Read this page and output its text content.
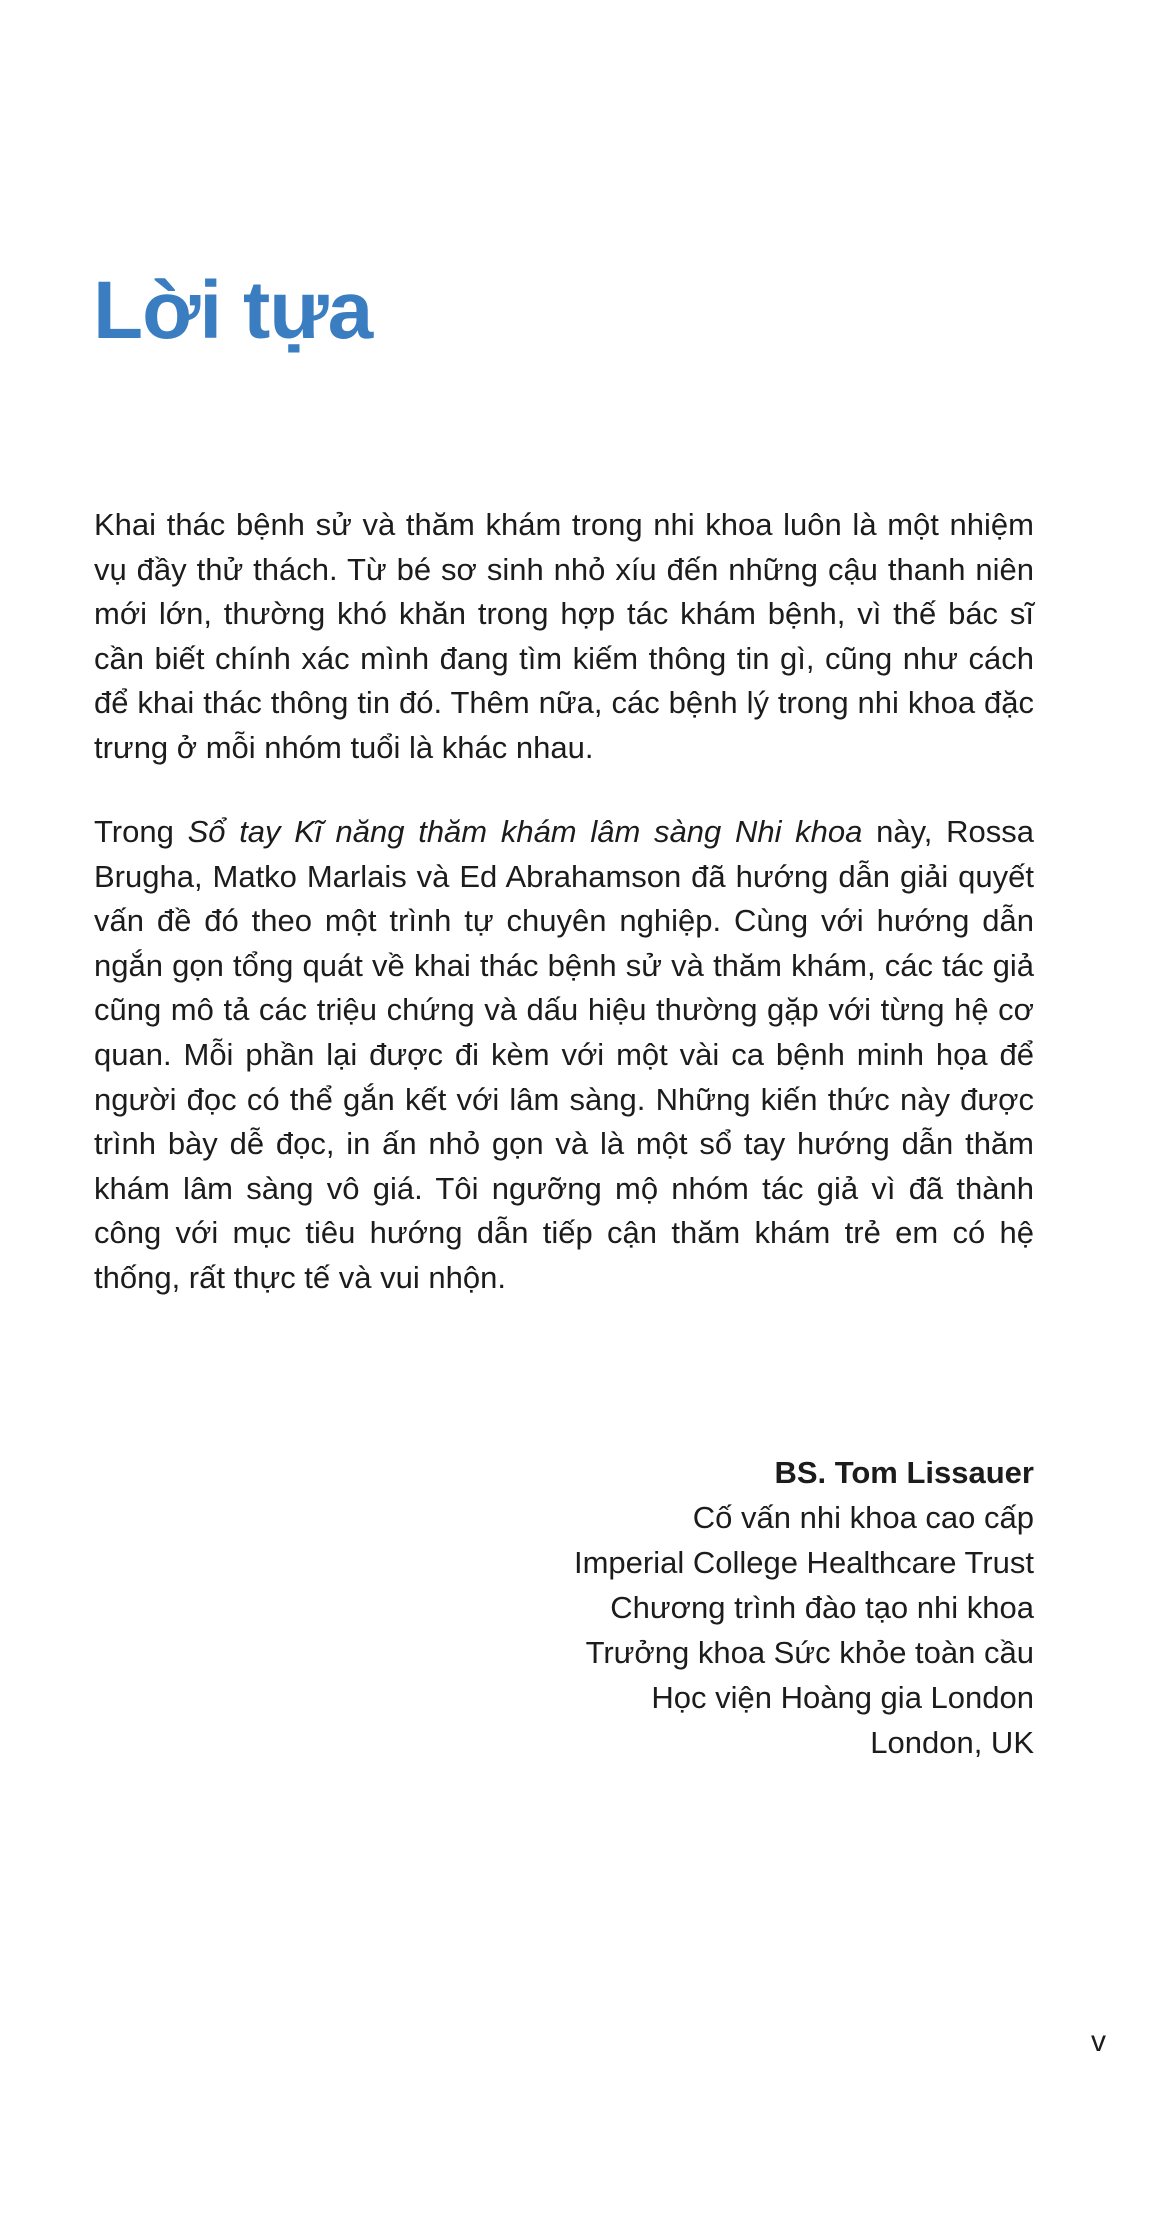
Lời tựa

Khai thác bệnh sử và thăm khám trong nhi khoa luôn là một nhiệm vụ đầy thử thách. Từ bé sơ sinh nhỏ xíu đến những cậu thanh niên mới lớn, thường khó khăn trong hợp tác khám bệnh, vì thế bác sĩ cần biết chính xác mình đang tìm kiếm thông tin gì, cũng như cách để khai thác thông tin đó. Thêm nữa, các bệnh lý trong nhi khoa đặc trưng ở mỗi nhóm tuổi là khác nhau.

Trong Sổ tay Kĩ năng thăm khám lâm sàng Nhi khoa này, Rossa Brugha, Matko Marlais và Ed Abrahamson đã hướng dẫn giải quyết vấn đề đó theo một trình tự chuyên nghiệp. Cùng với hướng dẫn ngắn gọn tổng quát về khai thác bệnh sử và thăm khám, các tác giả cũng mô tả các triệu chứng và dấu hiệu thường gặp với từng hệ cơ quan. Mỗi phần lại được đi kèm với một vài ca bệnh minh họa để người đọc có thể gắn kết với lâm sàng. Những kiến thức này được trình bày dễ đọc, in ấn nhỏ gọn và là một sổ tay hướng dẫn thăm khám lâm sàng vô giá. Tôi ngưỡng mộ nhóm tác giả vì đã thành công với mục tiêu hướng dẫn tiếp cận thăm khám trẻ em có hệ thống, rất thực tế và vui nhộn.

BS. Tom Lissauer
Cố vấn nhi khoa cao cấp
Imperial College Healthcare Trust
Chương trình đào tạo nhi khoa
Trưởng khoa Sức khỏe toàn cầu
Học viện Hoàng gia London
London, UK
v
